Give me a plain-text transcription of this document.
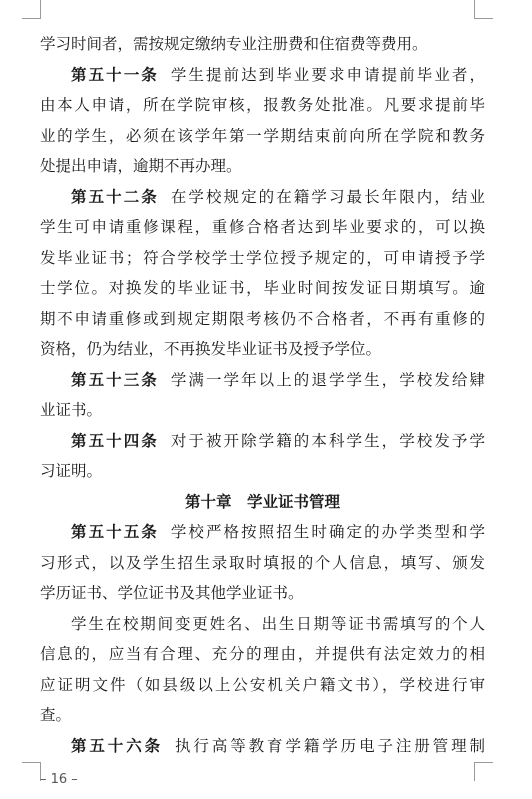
学习时间者，需按规定缴纳专业注册费和住宿费等费用。
第五十一条 学生提前达到毕业要求申请提前毕业者，
由本人申请，所在学院审核，报教务处批准。凡要求提前毕
业的学生，必须在该学年第一学期结束前向所在学院和教务
处提出申请，逾期不再办理。
第五十二条 在学校规定的在籍学习最长年限内，结业
学生可申请重修课程，重修合格者达到毕业要求的，可以换
发毕业证书；符合学校学士学位授予规定的，可申请授予学
士学位。对换发的毕业证书，毕业时间按发证日期填写。逾
期不申请重修或到规定期限考核仍不合格者，不再有重修的
资格，仍为结业，不再换发毕业证书及授予学位。
第五十三条 学满一学年以上的退学学生，学校发给肄
业证书。
第五十四条 对于被开除学籍的本科学生，学校发予学
习证明。
第十章　学业证书管理
第五十五条 学校严格按照招生时确定的办学类型和学
习形式，以及学生招生录取时填报的个人信息，填写、颁发
学历证书、学位证书及其他学业证书。
学生在校期间变更姓名、出生日期等证书需填写的个人
信息的，应当有合理、充分的理由，并提供有法定效力的相
应证明文件（如县级以上公安机关户籍文书），学校进行审
查。
第五十六条 执行高等教育学籍学历电子注册管理制
– 16 –
